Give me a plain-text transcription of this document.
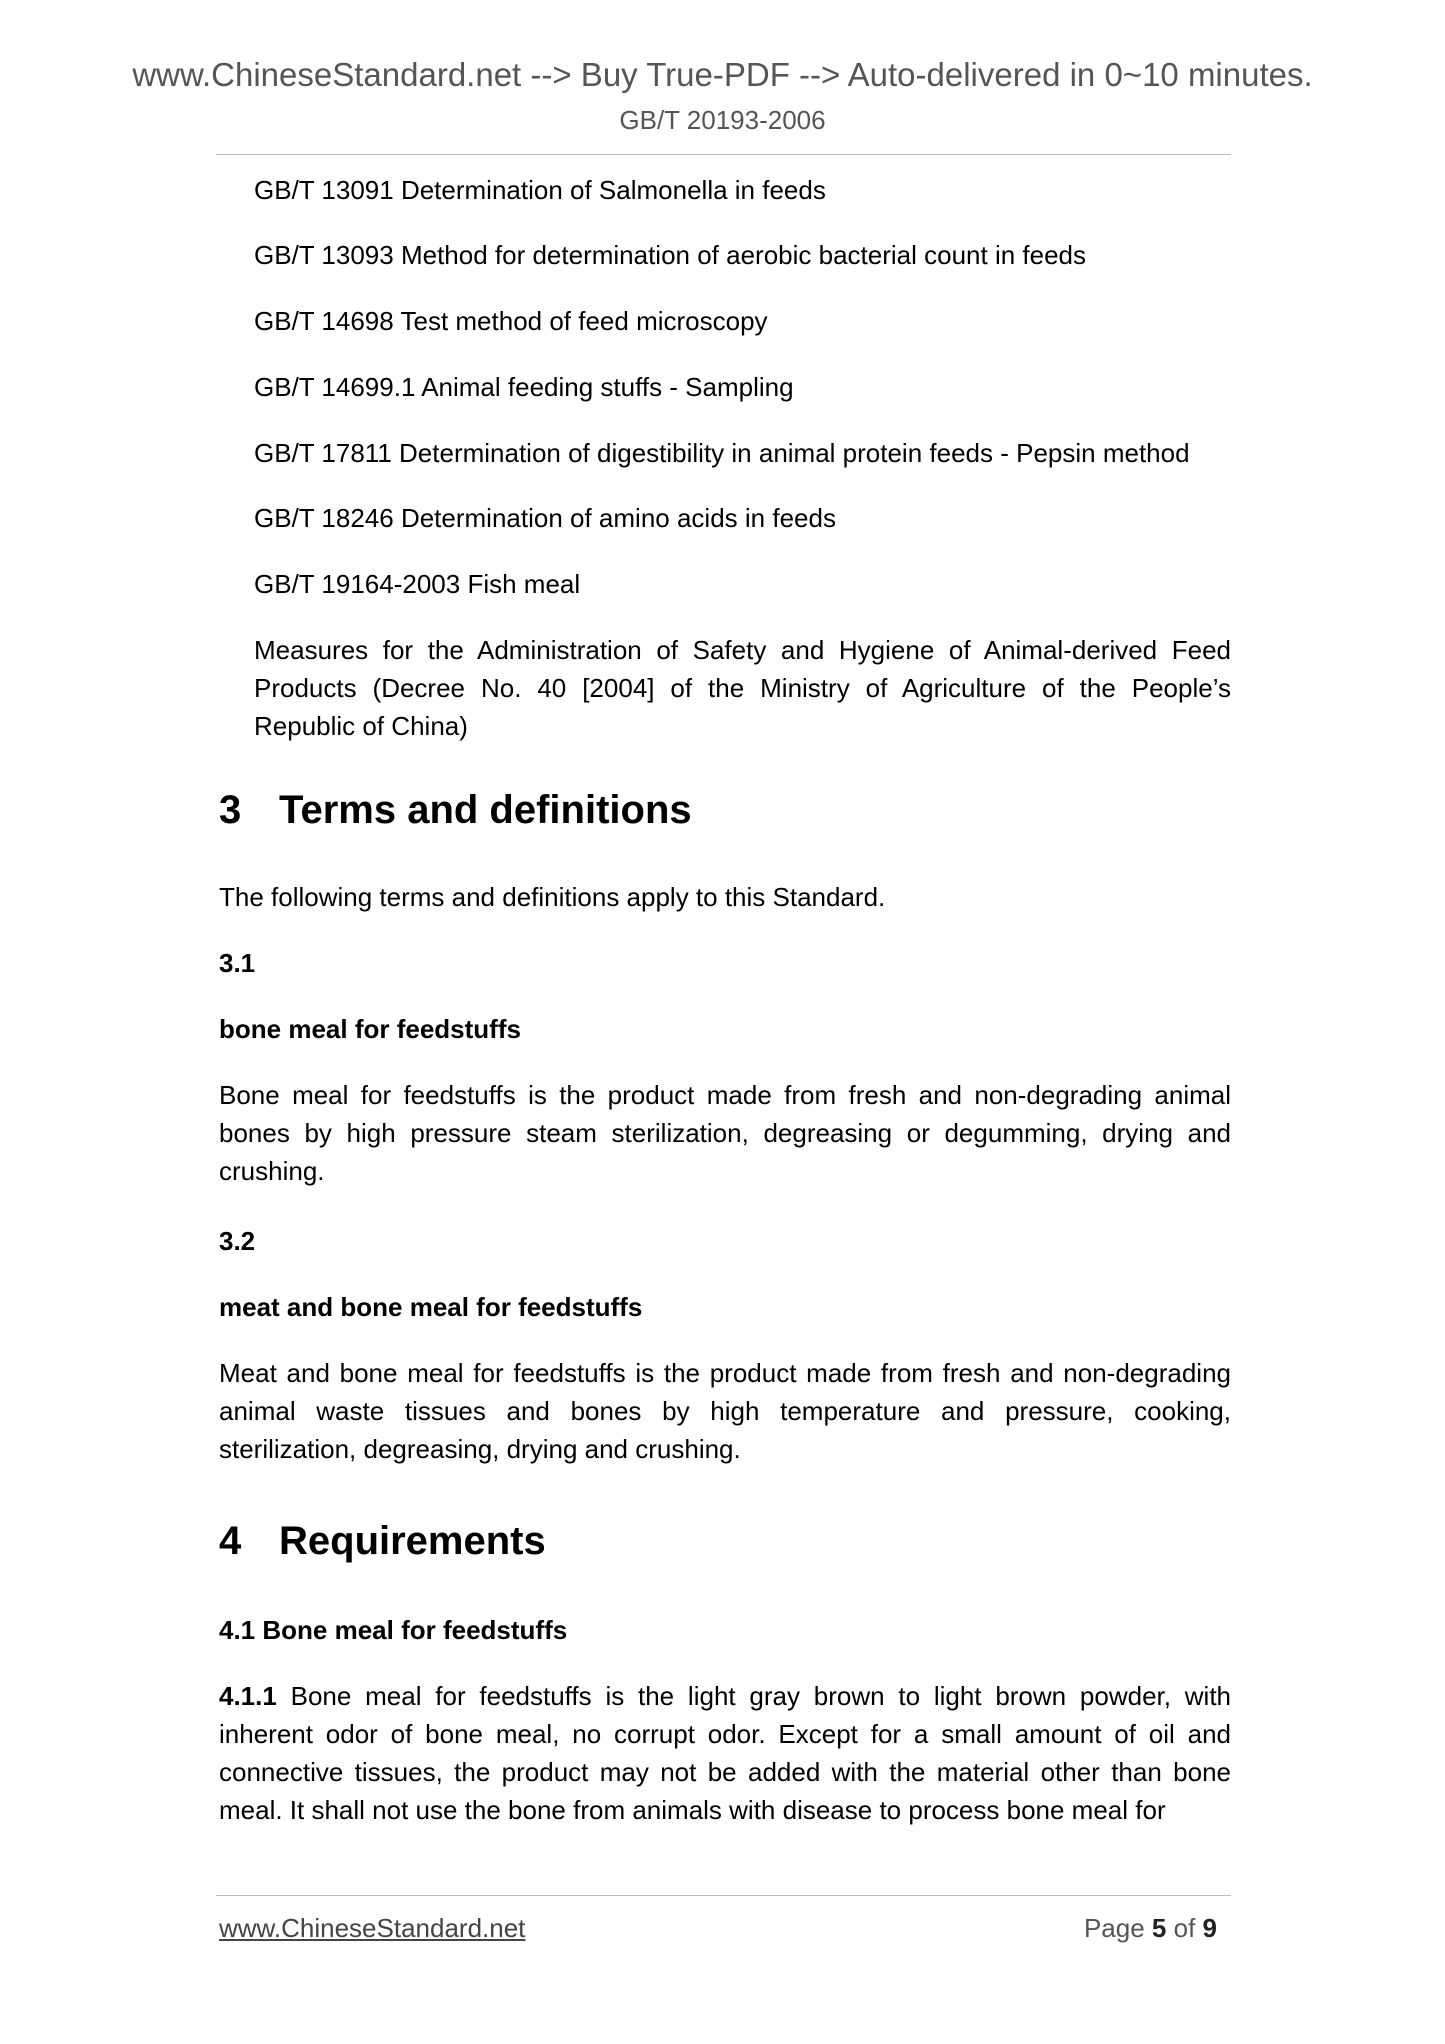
www.ChineseStandard.net --> Buy True-PDF --> Auto-delivered in 0~10 minutes.
GB/T 20193-2006
GB/T 13091 Determination of Salmonella in feeds
GB/T 13093 Method for determination of aerobic bacterial count in feeds
GB/T 14698 Test method of feed microscopy
GB/T 14699.1 Animal feeding stuffs - Sampling
GB/T 17811 Determination of digestibility in animal protein feeds - Pepsin method
GB/T 18246 Determination of amino acids in feeds
GB/T 19164-2003 Fish meal
Measures for the Administration of Safety and Hygiene of Animal-derived Feed Products (Decree No. 40 [2004] of the Ministry of Agriculture of the People’s Republic of China)
3 Terms and definitions
The following terms and definitions apply to this Standard.
3.1
bone meal for feedstuffs
Bone meal for feedstuffs is the product made from fresh and non-degrading animal bones by high pressure steam sterilization, degreasing or degumming, drying and crushing.
3.2
meat and bone meal for feedstuffs
Meat and bone meal for feedstuffs is the product made from fresh and non-degrading animal waste tissues and bones by high temperature and pressure, cooking, sterilization, degreasing, drying and crushing.
4 Requirements
4.1 Bone meal for feedstuffs
4.1.1 Bone meal for feedstuffs is the light gray brown to light brown powder, with inherent odor of bone meal, no corrupt odor. Except for a small amount of oil and connective tissues, the product may not be added with the material other than bone meal. It shall not use the bone from animals with disease to process bone meal for
www.ChineseStandard.net	Page 5 of 9
